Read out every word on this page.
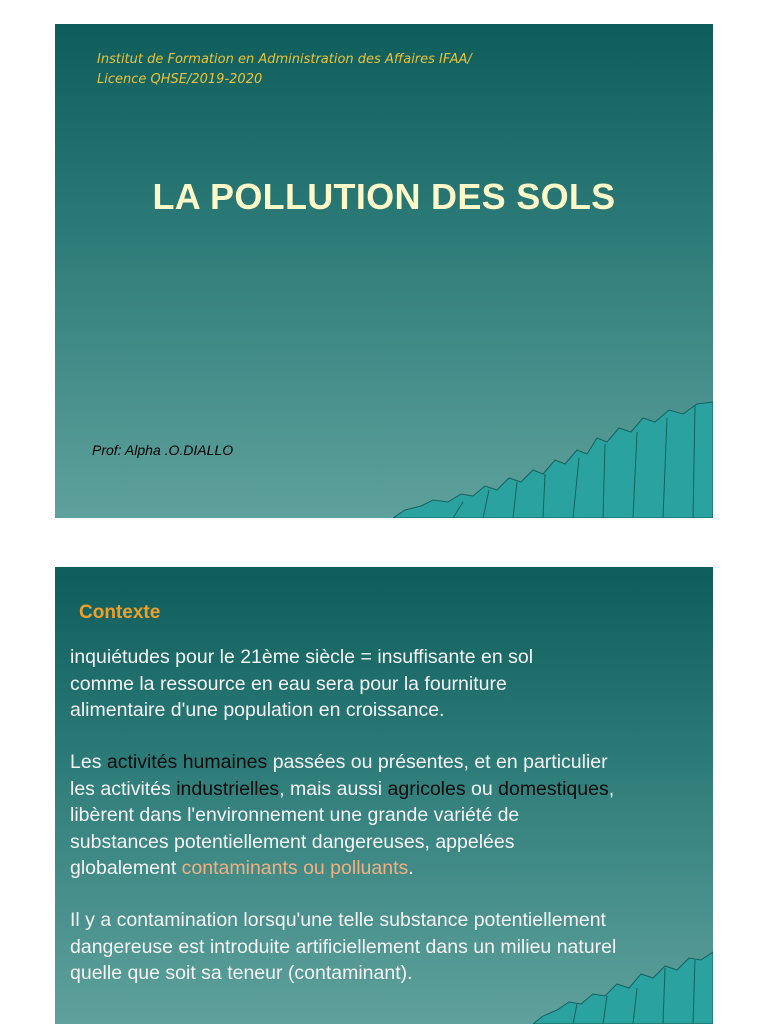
Institut de Formation en Administration des Affaires IFAA/
Licence QHSE/2019-2020
LA POLLUTION DES SOLS
Prof: Alpha .O.DIALLO
Contexte

inquiétudes pour le 21ème siècle = insuffisante en sol
comme la ressource en eau sera pour la fourniture
alimentaire d'une population en croissance.

Les activités humaines passées ou présentes, et en particulier
les activités industrielles, mais aussi agricoles ou domestiques,
libèrent dans l'environnement une grande variété de
substances potentiellement dangereuses, appelées
globalement contaminants ou polluants.

Il y a contamination lorsqu'une telle substance potentiellement
dangereuse est introduite artificiellement dans un milieu naturel
quelle que soit sa teneur (contaminant).
